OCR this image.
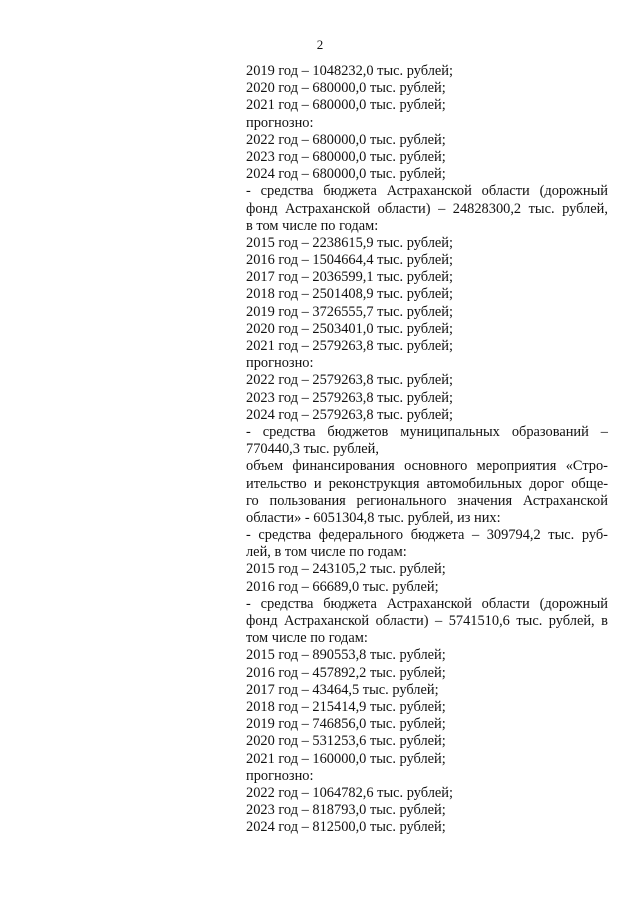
2
2019 год – 1048232,0 тыс. рублей;
2020 год – 680000,0 тыс. рублей;
2021 год – 680000,0 тыс. рублей;
прогнозно:
2022 год – 680000,0 тыс. рублей;
2023 год – 680000,0 тыс. рублей;
2024 год – 680000,0 тыс. рублей;
- средства бюджета Астраханской области (дорожный
фонд Астраханской области) – 24828300,2 тыс. рублей,
в том числе по годам:
2015 год – 2238615,9 тыс. рублей;
2016 год – 1504664,4 тыс. рублей;
2017 год – 2036599,1 тыс. рублей;
2018 год – 2501408,9 тыс. рублей;
2019 год – 3726555,7 тыс. рублей;
2020 год – 2503401,0 тыс. рублей;
2021 год – 2579263,8 тыс. рублей;
прогнозно:
2022 год – 2579263,8 тыс. рублей;
2023 год – 2579263,8 тыс. рублей;
2024 год – 2579263,8 тыс. рублей;
- средства бюджетов муниципальных образований –
770440,3 тыс. рублей,
объем финансирования основного мероприятия «Стро-
ительство и реконструкция автомобильных дорог обще-
го пользования регионального значения Астраханской
области» - 6051304,8 тыс. рублей, из них:
- средства федерального бюджета – 309794,2 тыс. руб-
лей, в том числе по годам:
2015 год – 243105,2 тыс. рублей;
2016 год – 66689,0 тыс. рублей;
- средства бюджета Астраханской области (дорожный
фонд Астраханской области) – 5741510,6 тыс. рублей, в
том числе по годам:
2015 год – 890553,8 тыс. рублей;
2016 год – 457892,2 тыс. рублей;
2017 год – 43464,5 тыс. рублей;
2018 год – 215414,9 тыс. рублей;
2019 год – 746856,0 тыс. рублей;
2020 год – 531253,6 тыс. рублей;
2021 год – 160000,0 тыс. рублей;
прогнозно:
2022 год – 1064782,6 тыс. рублей;
2023 год – 818793,0 тыс. рублей;
2024 год – 812500,0 тыс. рублей;
